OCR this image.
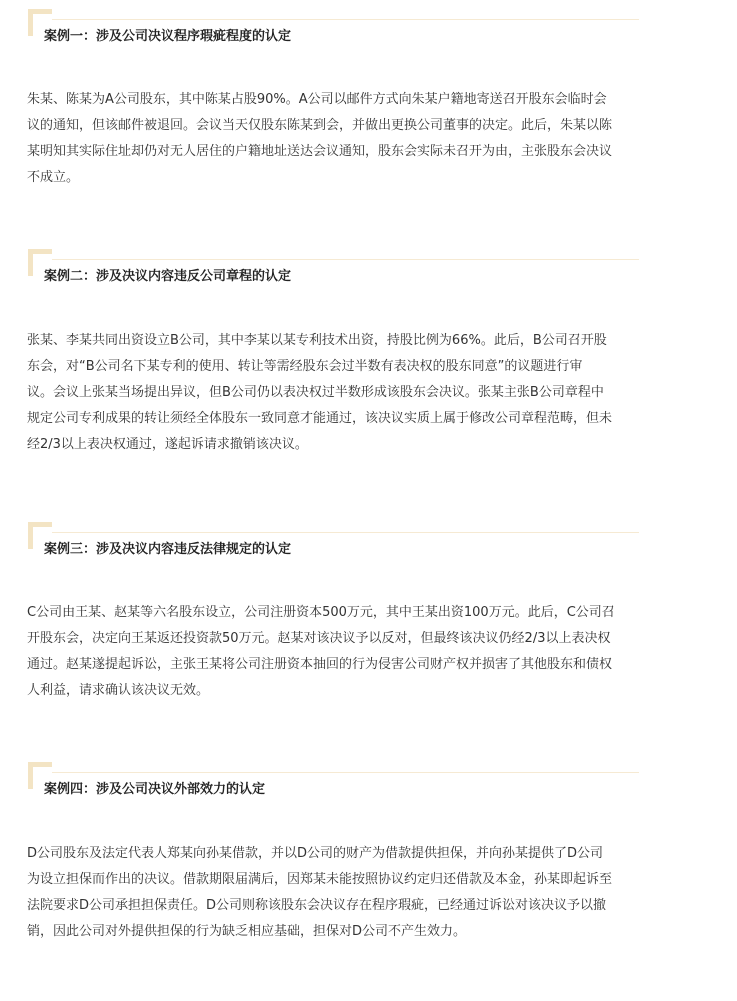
案例一：涉及公司决议程序瑕疵程度的认定

朱某、陈某为A公司股东，其中陈某占股90%。A公司以邮件方式向朱某户籍地寄送召开股东会临时会
议的通知，但该邮件被退回。会议当天仅股东陈某到会，并做出更换公司董事的决定。此后，朱某以陈
某明知其实际住址却仍对无人居住的户籍地址送达会议通知，股东会实际未召开为由，主张股东会决议
不成立。

案例二：涉及决议内容违反公司章程的认定

张某、李某共同出资设立B公司，其中李某以某专利技术出资，持股比例为66%。此后，B公司召开股
东会，对“B公司名下某专利的使用、转让等需经股东会过半数有表决权的股东同意”的议题进行审
议。会议上张某当场提出异议，但B公司仍以表决权过半数形成该股东会决议。张某主张B公司章程中
规定公司专利成果的转让须经全体股东一致同意才能通过，该决议实质上属于修改公司章程范畴，但未
经2/3以上表决权通过，遂起诉请求撤销该决议。

案例三：涉及决议内容违反法律规定的认定

C公司由王某、赵某等六名股东设立，公司注册资本500万元，其中王某出资100万元。此后，C公司召
开股东会，决定向王某返还投资款50万元。赵某对该决议予以反对，但最终该决议仍经2/3以上表决权
通过。赵某遂提起诉讼，主张王某将公司注册资本抽回的行为侵害公司财产权并损害了其他股东和债权
人利益，请求确认该决议无效。

案例四：涉及公司决议外部效力的认定

D公司股东及法定代表人郑某向孙某借款，并以D公司的财产为借款提供担保，并向孙某提供了D公司
为设立担保而作出的决议。借款期限届满后，因郑某未能按照协议约定归还借款及本金，孙某即起诉至
法院要求D公司承担担保责任。D公司则称该股东会决议存在程序瑕疵，已经通过诉讼对该决议予以撤
销，因此公司对外提供担保的行为缺乏相应基础，担保对D公司不产生效力。
